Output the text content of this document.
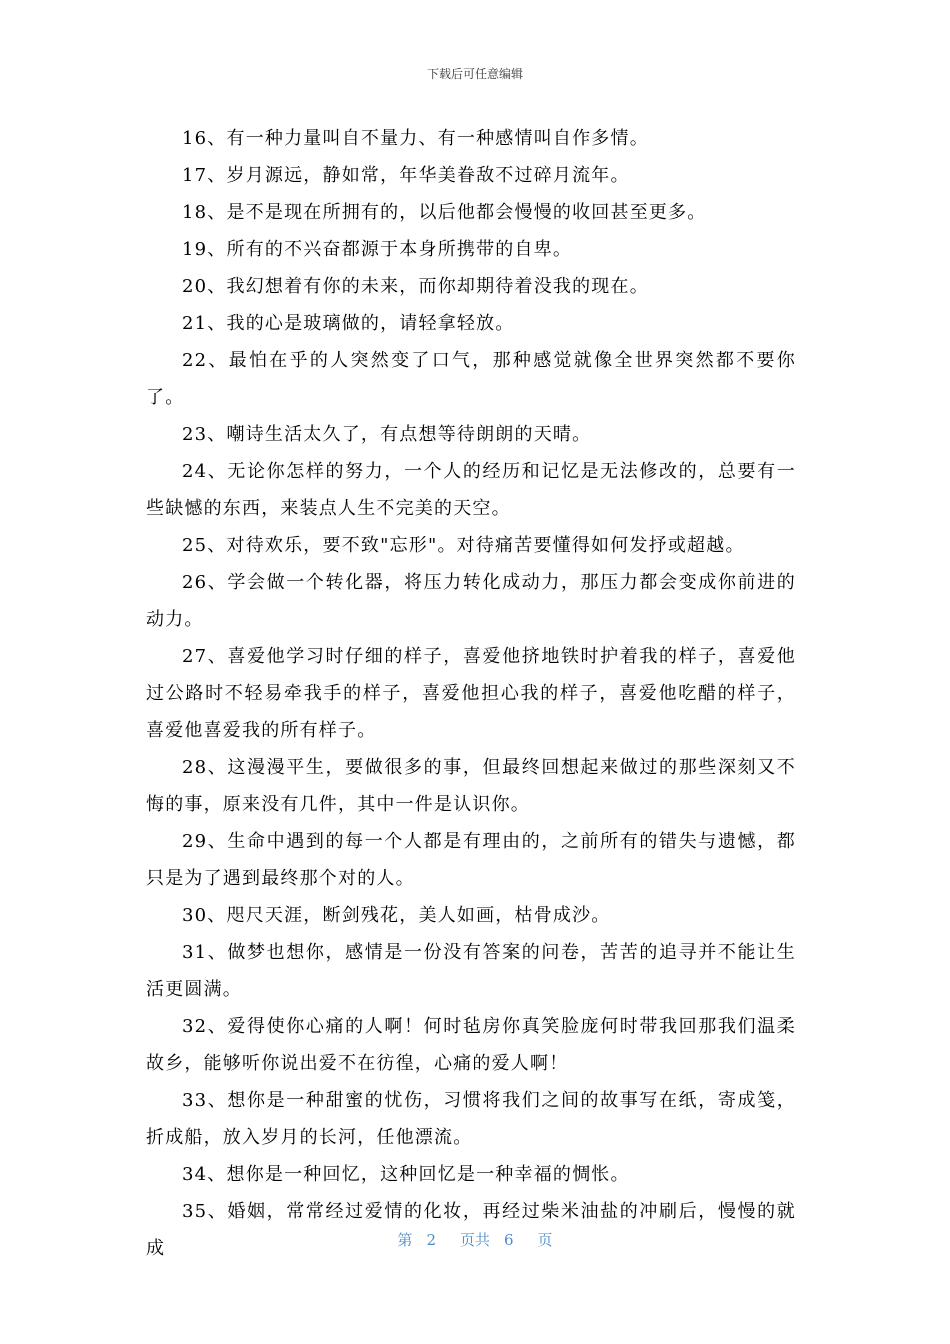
下载后可任意编辑

16、有一种力量叫自不量力、有一种感情叫自作多情。

17、岁月源远，静如常，年华美眷敌不过碎月流年。

18、是不是现在所拥有的，以后他都会慢慢的收回甚至更多。

19、所有的不兴奋都源于本身所携带的自卑。

20、我幻想着有你的未来，而你却期待着没我的现在。

21、我的心是玻璃做的，请轻拿轻放。

22、最怕在乎的人突然变了口气，那种感觉就像全世界突然都不要你了。

23、嘲诗生活太久了，有点想等待朗朗的天晴。

24、无论你怎样的努力，一个人的经历和记忆是无法修改的，总要有一些缺憾的东西，来装点人生不完美的天空。

25、对待欢乐，要不致"忘形"。对待痛苦要懂得如何发抒或超越。

26、学会做一个转化器，将压力转化成动力，那压力都会变成你前进的动力。

27、喜爱他学习时仔细的样子，喜爱他挤地铁时护着我的样子，喜爱他过公路时不轻易牵我手的样子，喜爱他担心我的样子，喜爱他吃醋的样子，喜爱他喜爱我的所有样子。

28、这漫漫平生，要做很多的事，但最终回想起来做过的那些深刻又不悔的事，原来没有几件，其中一件是认识你。

29、生命中遇到的每一个人都是有理由的，之前所有的错失与遗憾，都只是为了遇到最终那个对的人。

30、咫尺天涯，断剑残花，美人如画，枯骨成沙。

31、做梦也想你，感情是一份没有答案的问卷，苦苦的追寻并不能让生活更圆满。

32、爱得使你心痛的人啊！何时毡房你真笑脸庞何时带我回那我们温柔故乡，能够听你说出爱不在彷徨，心痛的爱人啊！

33、想你是一种甜蜜的忧伤，习惯将我们之间的故事写在纸，寄成笺，折成船，放入岁月的长河，任他漂流。

34、想你是一种回忆，这种回忆是一种幸福的惆怅。

35、婚姻，常常经过爱情的化妆，再经过柴米油盐的冲刷后，慢慢的就成	第 2 页共 6 页
